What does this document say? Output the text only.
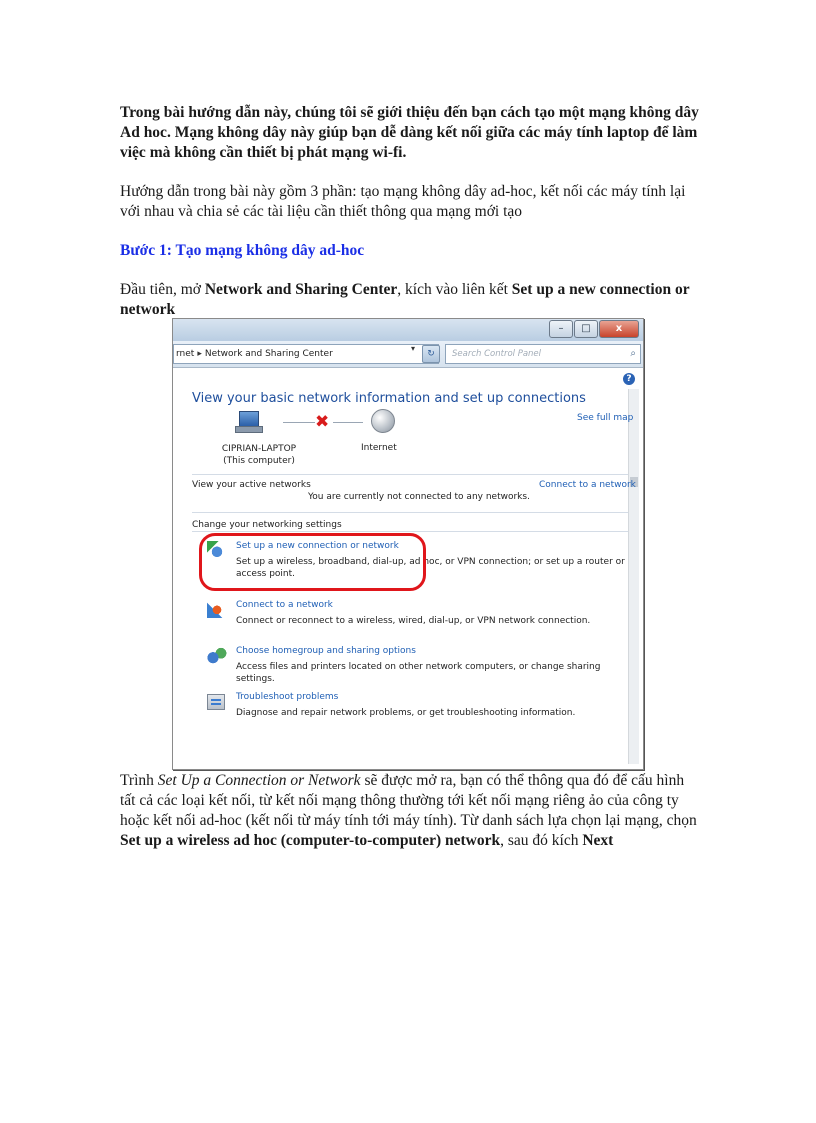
Trong bài hướng dẫn này, chúng tôi sẽ giới thiệu đến bạn cách tạo một mạng không dây Ad hoc. Mạng không dây này giúp bạn dễ dàng kết nối giữa các máy tính laptop để làm việc mà không cần thiết bị phát mạng wi-fi.

Hướng dẫn trong bài này gồm 3 phần: tạo mạng không dây ad-hoc, kết nối các máy tính lại với nhau và chia sẻ các tài liệu cần thiết thông qua mạng mới tạo

Bước 1: Tạo mạng không dây ad-hoc

Đầu tiên, mở Network and Sharing Center, kích vào liên kết Set up a new connection or network

Trình Set Up a Connection or Network sẽ được mở ra, bạn có thể thông qua đó để cấu hình tất cả các loại kết nối, từ kết nối mạng thông thường tới kết nối mạng riêng ảo của công ty hoặc kết nối ad-hoc (kết nối từ máy tính tới máy tính). Từ danh sách lựa chọn lại mạng, chọn Set up a wireless ad hoc (computer-to-computer) network, sau đó kích Next

–	□	x
rnet ▸ Network and Sharing Center
▾
↻	Search Control Panel	⌕
?
View your basic network information and set up connections
See full map
✖
CIPRIAN-LAPTOP
(This computer)
Internet
View your active networks	Connect to a network
You are currently not connected to any networks.
Change your networking settings
Set up a new connection or network
Set up a wireless, broadband, dial-up, ad hoc, or VPN connection; or set up a router or access point.
Connect to a network
Connect or reconnect to a wireless, wired, dial-up, or VPN network connection.
Choose homegroup and sharing options
Access files and printers located on other network computers, or change sharing settings.
Troubleshoot problems
Diagnose and repair network problems, or get troubleshooting information.
